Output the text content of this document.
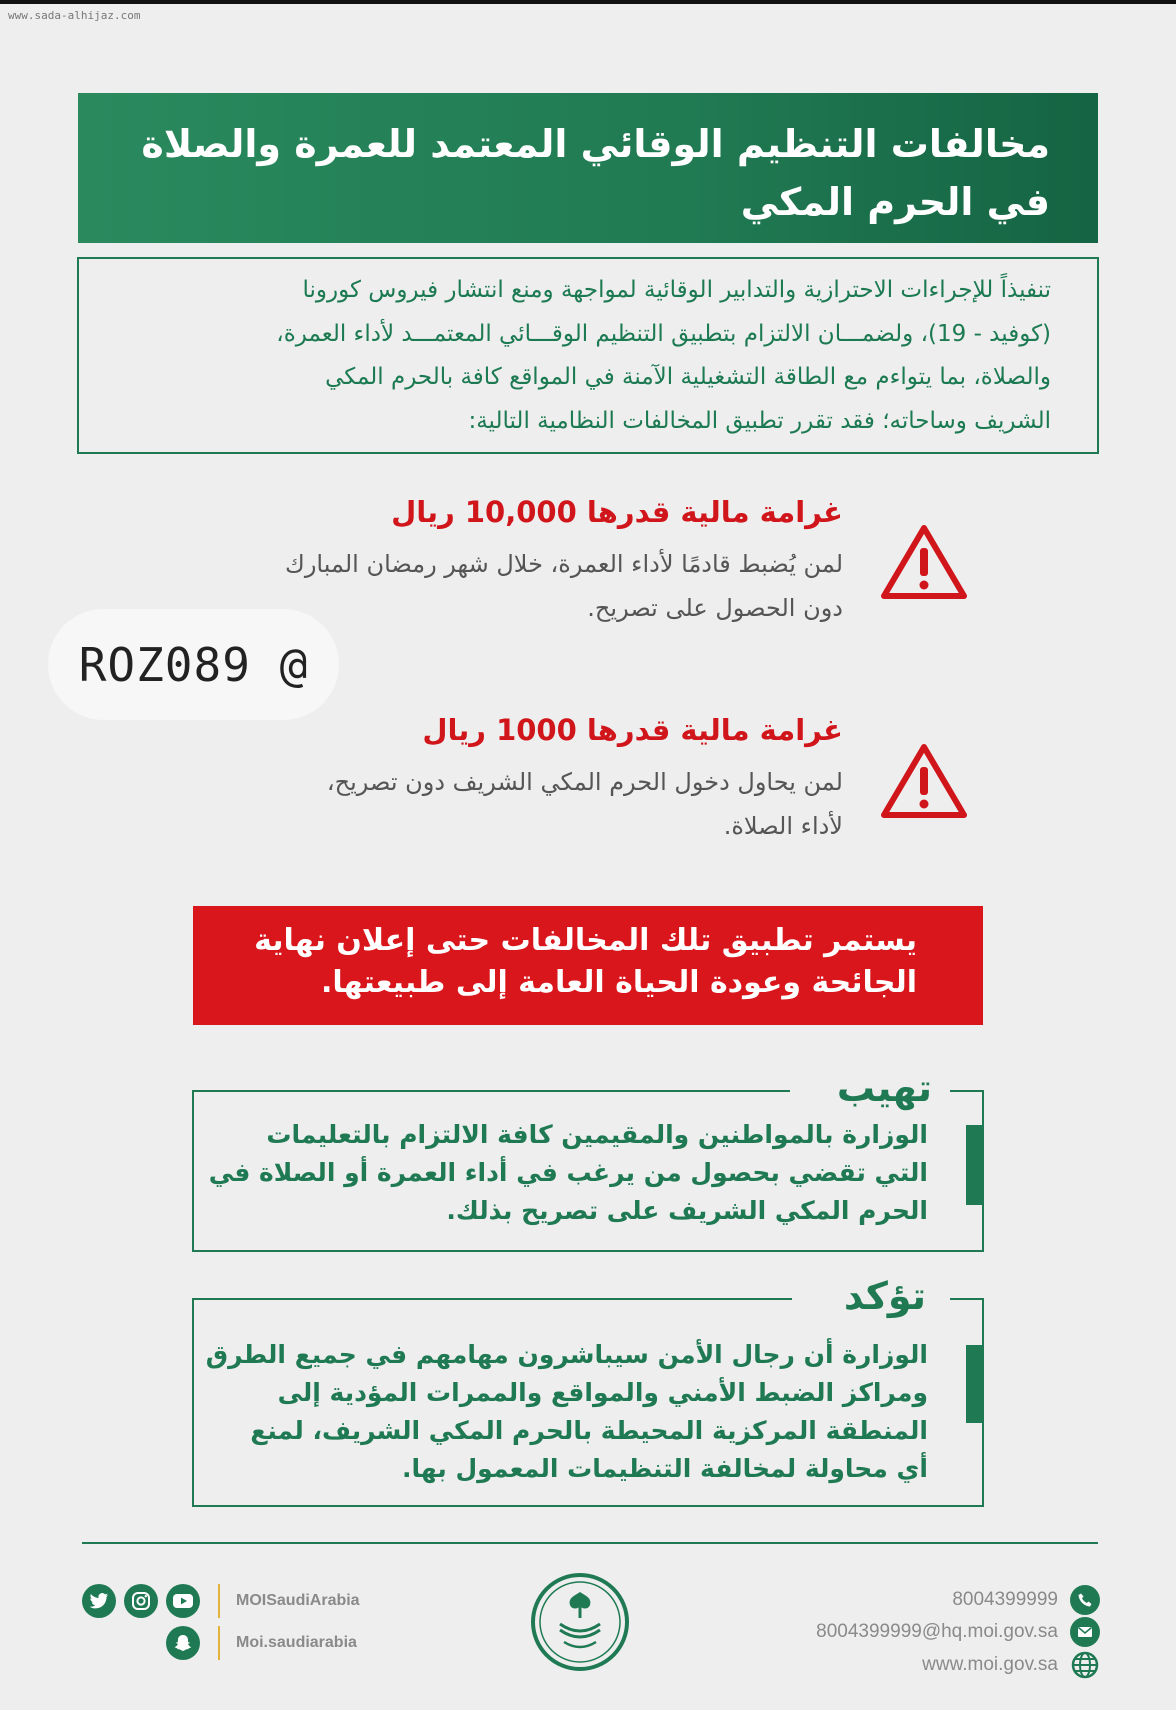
www.sada-alhijaz.com
مخالفات التنظيم الوقائي المعتمد للعمرة والصلاة
في الحرم المكي
تنفيذاً للإجراءات الاحترازية والتدابير الوقائية لمواجهة ومنع انتشار فيروس كورونا
(كوفيد - 19)، ولضمـــان الالتزام بتطبيق التنظيم الوقـــائي المعتمـــد لأداء العمرة،
والصلاة، بما يتواءم مع الطاقة التشغيلية الآمنة في المواقع كافة بالحرم المكي
الشريف وساحاته؛ فقد تقرر تطبيق المخالفات النظامية التالية:
غرامة مالية قدرها 10,000 ريال
لمن يُضبط قادمًا لأداء العمرة، خلال شهر رمضان المبارك
دون الحصول على تصريح.
ROZ089 @
غرامة مالية قدرها 1000 ريال
لمن يحاول دخول الحرم المكي الشريف دون تصريح،
لأداء الصلاة.
يستمر تطبيق تلك المخالفات حتى إعلان نهاية
الجائحة وعودة الحياة العامة إلى طبيعتها.
تهيب
الوزارة بالمواطنين والمقيمين كافة الالتزام بالتعليمات
التي تقضي بحصول من يرغب في أداء العمرة أو الصلاة في
الحرم المكي الشريف على تصريح بذلك.
تؤكد
الوزارة أن رجال الأمن سيباشرون مهامهم في جميع الطرق
ومراكز الضبط الأمني والمواقع والممرات المؤدية إلى
المنطقة المركزية المحيطة بالحرم المكي الشريف، لمنع
أي محاولة لمخالفة التنظيمات المعمول بها.
MOISaudiArabia
Moi.saudiarabia
8004399999
8004399999@hq.moi.gov.sa
www.moi.gov.sa
